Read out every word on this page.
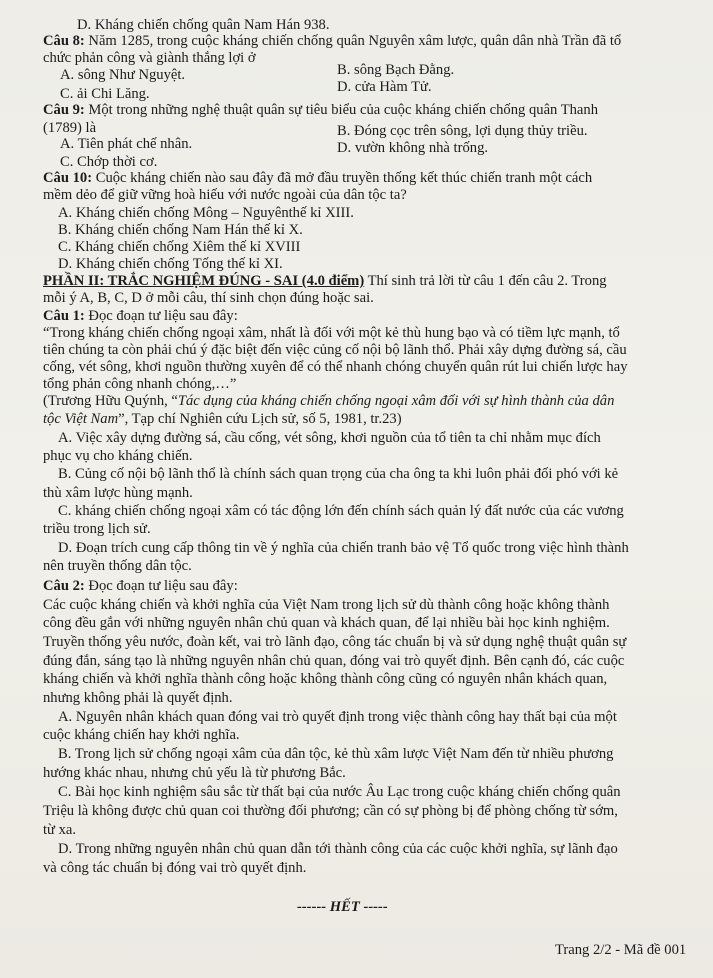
D. Kháng chiến chống quân Nam Hán 938.
Câu 8: Năm 1285, trong cuộc kháng chiến chống quân Nguyên xâm lược, quân dân nhà Trần đã tổ
chức phản công và giành thắng lợi ở
A. sông Như Nguyệt.	B. sông Bạch Đằng.
D. cửa Hàm Tử.
C. ải Chi Lăng.
Câu 9: Một trong những nghệ thuật quân sự tiêu biểu của cuộc kháng chiến chống quân Thanh
(1789) là	B. Đóng cọc trên sông, lợi dụng thủy triều.
A. Tiên phát chế nhân.	D. vườn không nhà trống.
C. Chớp thời cơ.
Câu 10: Cuộc kháng chiến nào sau đây đã mở đầu truyền thống kết thúc chiến tranh một cách
mềm dẻo để giữ vững hoà hiếu với nước ngoài của dân tộc ta?
A. Kháng chiến chống Mông – Nguyênthế kỉ XIII.
B. Kháng chiến chống Nam Hán thế kỉ X.
C. Kháng chiến chống Xiêm thế kỉ XVIII
D. Kháng chiến chống Tống thế kỉ XI.
PHẦN II: TRẮC NGHIỆM ĐÚNG - SAI (4.0 điểm) Thí sinh trả lời từ câu 1 đến câu 2. Trong
mỗi ý A, B, C, D ở mỗi câu, thí sinh chọn đúng hoặc sai.
Câu 1: Đọc đoạn tư liệu sau đây:
“Trong kháng chiến chống ngoại xâm, nhất là đối với một kẻ thù hung bạo và có tiềm lực mạnh, tổ
tiên chúng ta còn phải chú ý đặc biệt đến việc củng cố nội bộ lãnh thổ. Phải xây dựng đường sá, cầu
cống, vét sông, khơi nguồn thường xuyên để có thể nhanh chóng chuyển quân rút lui chiến lược hay
tổng phản công nhanh chóng,…”
(Trương Hữu Quýnh, “Tác dụng của kháng chiến chống ngoại xâm đối với sự hình thành của dân
tộc Việt Nam”, Tạp chí Nghiên cứu Lịch sử, số 5, 1981, tr.23)
A. Việc xây dựng đường sá, cầu cống, vét sông, khơi nguồn của tổ tiên ta chỉ nhằm mục đích
phục vụ cho kháng chiến.
B. Củng cố nội bộ lãnh thổ là chính sách quan trọng của cha ông ta khi luôn phải đối phó với kẻ
thù xâm lược hùng mạnh.
C. kháng chiến chống ngoại xâm có tác động lớn đến chính sách quản lý đất nước của các vương
triều trong lịch sử.
D. Đoạn trích cung cấp thông tin về ý nghĩa của chiến tranh bảo vệ Tổ quốc trong việc hình thành
nên truyền thống dân tộc.
Câu 2: Đọc đoạn tư liệu sau đây:
Các cuộc kháng chiến và khởi nghĩa của Việt Nam trong lịch sử dù thành công hoặc không thành
công đều gắn với những nguyên nhân chủ quan và khách quan, để lại nhiều bài học kinh nghiệm.
Truyền thống yêu nước, đoàn kết, vai trò lãnh đạo, công tác chuẩn bị và sử dụng nghệ thuật quân sự
đúng đắn, sáng tạo là những nguyên nhân chủ quan, đóng vai trò quyết định. Bên cạnh đó, các cuộc
kháng chiến và khởi nghĩa thành công hoặc không thành công cũng có nguyên nhân khách quan,
nhưng không phải là quyết định.
A. Nguyên nhân khách quan đóng vai trò quyết định trong việc thành công hay thất bại của một
cuộc kháng chiến hay khởi nghĩa.
B. Trong lịch sử chống ngoại xâm của dân tộc, kẻ thù xâm lược Việt Nam đến từ nhiều phương
hướng khác nhau, nhưng chủ yếu là từ phương Bắc.
C. Bài học kinh nghiệm sâu sắc từ thất bại của nước Âu Lạc trong cuộc kháng chiến chống quân
Triệu là không được chủ quan coi thường đối phương; cần có sự phòng bị để phòng chống từ sớm,
từ xa.
D. Trong những nguyên nhân chủ quan dẫn tới thành công của các cuộc khởi nghĩa, sự lãnh đạo
và công tác chuẩn bị đóng vai trò quyết định.
------ HẾT -----
Trang 2/2 - Mã đề 001
